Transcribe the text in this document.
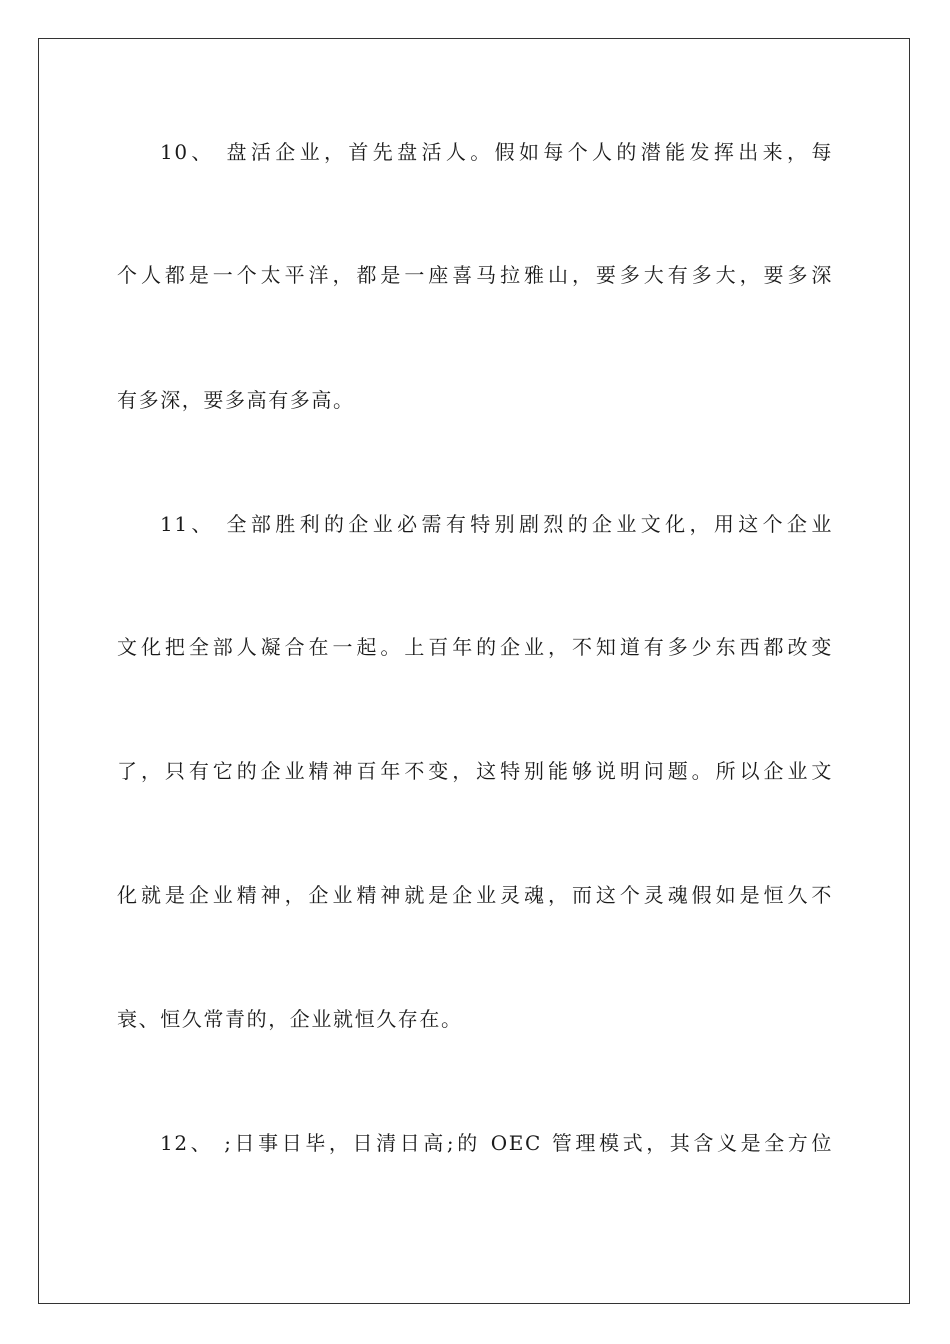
10、 盘活企业，首先盘活人。假如每个人的潜能发挥出来，每
个人都是一个太平洋，都是一座喜马拉雅山，要多大有多大，要多深
有多深，要多高有多高。
11、 全部胜利的企业必需有特别剧烈的企业文化，用这个企业
文化把全部人凝合在一起。上百年的企业，不知道有多少东西都改变
了，只有它的企业精神百年不变，这特别能够说明问题。所以企业文
化就是企业精神，企业精神就是企业灵魂，而这个灵魂假如是恒久不
衰、恒久常青的，企业就恒久存在。
12、 ;日事日毕，日清日高;的 OEC 管理模式，其含义是全方位
